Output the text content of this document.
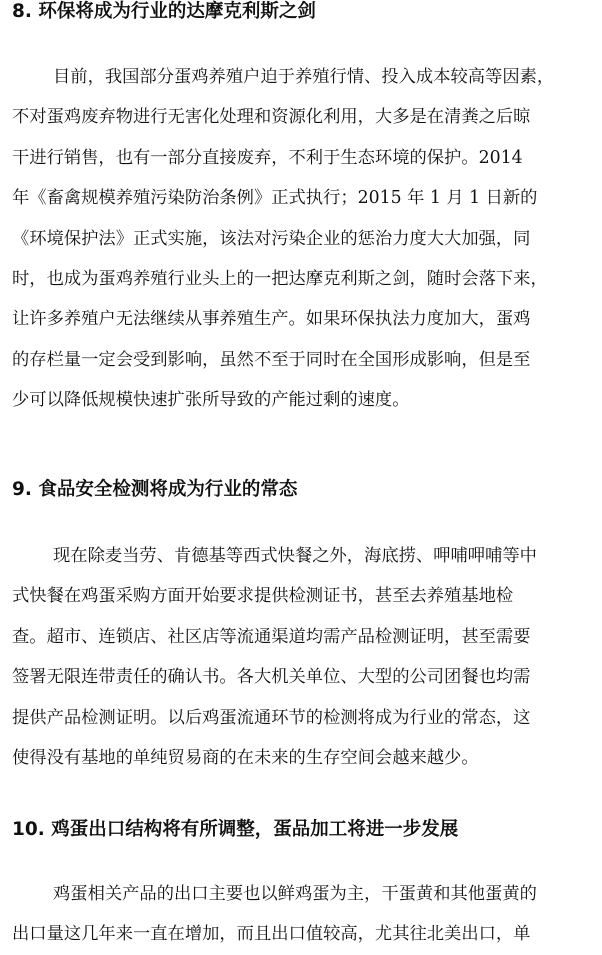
8. 环保将成为行业的达摩克利斯之剑
目前，我国部分蛋鸡养殖户迫于养殖行情、投入成本较高等因素，
不对蛋鸡废弃物进行无害化处理和资源化利用，大多是在清粪之后晾
干进行销售，也有一部分直接废弃，不利于生态环境的保护。2014
年《畜禽规模养殖污染防治条例》正式执行；2015 年 1 月 1 日新的
《环境保护法》正式实施，该法对污染企业的惩治力度大大加强，同
时，也成为蛋鸡养殖行业头上的一把达摩克利斯之剑，随时会落下来，
让许多养殖户无法继续从事养殖生产。如果环保执法力度加大，蛋鸡
的存栏量一定会受到影响，虽然不至于同时在全国形成影响，但是至
少可以降低规模快速扩张所导致的产能过剩的速度。
9. 食品安全检测将成为行业的常态
现在除麦当劳、肯德基等西式快餐之外，海底捞、呷哺呷哺等中
式快餐在鸡蛋采购方面开始要求提供检测证书，甚至去养殖基地检
查。超市、连锁店、社区店等流通渠道均需产品检测证明，甚至需要
签署无限连带责任的确认书。各大机关单位、大型的公司团餐也均需
提供产品检测证明。以后鸡蛋流通环节的检测将成为行业的常态，这
使得没有基地的单纯贸易商的在未来的生存空间会越来越少。
10. 鸡蛋出口结构将有所调整，蛋品加工将进一步发展
鸡蛋相关产品的出口主要也以鲜鸡蛋为主，干蛋黄和其他蛋黄的
出口量这几年来一直在增加，而且出口值较高，尤其往北美出口，单
